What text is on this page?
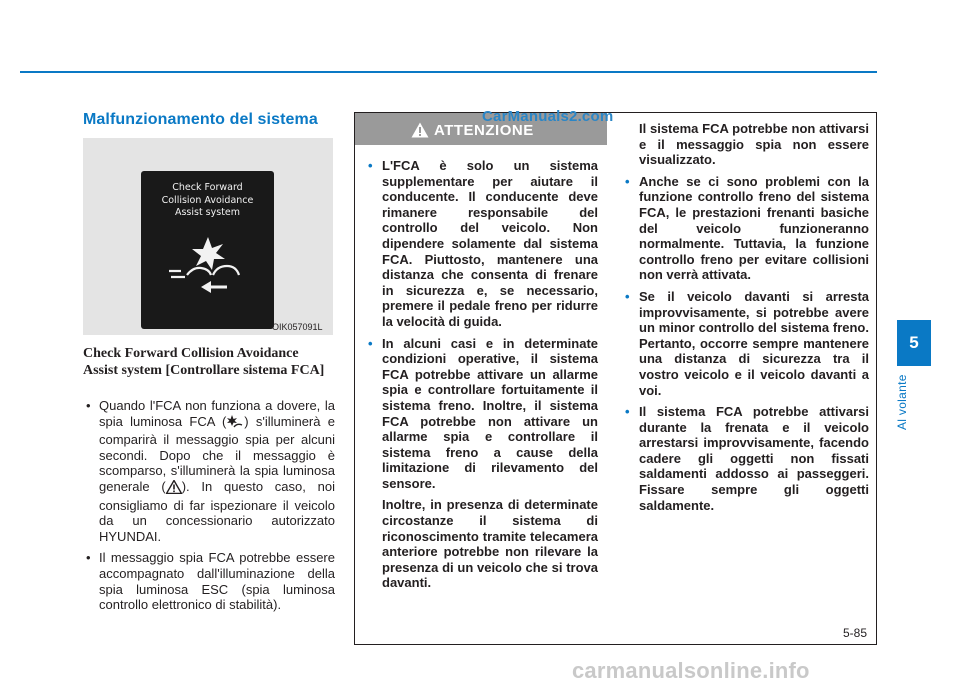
Malfunzionamento del sistema
Check Forward
Collision Avoidance
Assist system
OIK057091L
Check Forward Collision Avoidance Assist system [Controllare sistema FCA]
• Quando l'FCA non funziona a dovere, la spia luminosa FCA ( ) s'illuminerà e comparirà il messaggio spia per alcuni secondi. Dopo che il messaggio è scomparso, s'illuminerà la spia luminosa generale ( ). In questo caso, noi consigliamo di far ispezionare il veicolo da un concessionario autorizzato HYUNDAI.
• Il messaggio spia FCA potrebbe essere accompagnato dall'illuminazione della spia luminosa ESC (spia luminosa controllo elettronico di stabilità).
ATTENZIONE
CarManuals2.com
• L'FCA è solo un sistema supplementare per aiutare il conducente. Il conducente deve rimanere responsabile del controllo del veicolo. Non dipendere solamente dal sistema FCA. Piuttosto, mantenere una distanza che consenta di frenare in sicurezza e, se necessario, premere il pedale freno per ridurre la velocità di guida.
• In alcuni casi e in determinate condizioni operative, il sistema FCA potrebbe attivare un allarme spia e controllare fortuitamente il sistema freno. Inoltre, il sistema FCA potrebbe non attivare un allarme spia e controllare il sistema freno a cause della limitazione di rilevamento del sensore.
Inoltre, in presenza di determinate circostanze il sistema di riconoscimento tramite telecamera anteriore potrebbe non rilevare la presenza di un veicolo che si trova davanti.
Il sistema FCA potrebbe non attivarsi e il messaggio spia non essere visualizzato.
• Anche se ci sono problemi con la funzione controllo freno del sistema FCA, le prestazioni frenanti basiche del veicolo funzioneranno normalmente. Tuttavia, la funzione controllo freno per evitare collisioni non verrà attivata.
• Se il veicolo davanti si arresta improvvisamente, si potrebbe avere un minor controllo del sistema freno. Pertanto, occorre sempre mantenere una distanza di sicurezza tra il vostro veicolo e il veicolo davanti a voi.
• Il sistema FCA potrebbe attivarsi durante la frenata e il veicolo arrestarsi improvvisamente, facendo cadere gli oggetti non fissati saldamenti addosso ai passeggeri. Fissare sempre gli oggetti saldamente.
5
Al volante
5-85
carmanualsonline.info
